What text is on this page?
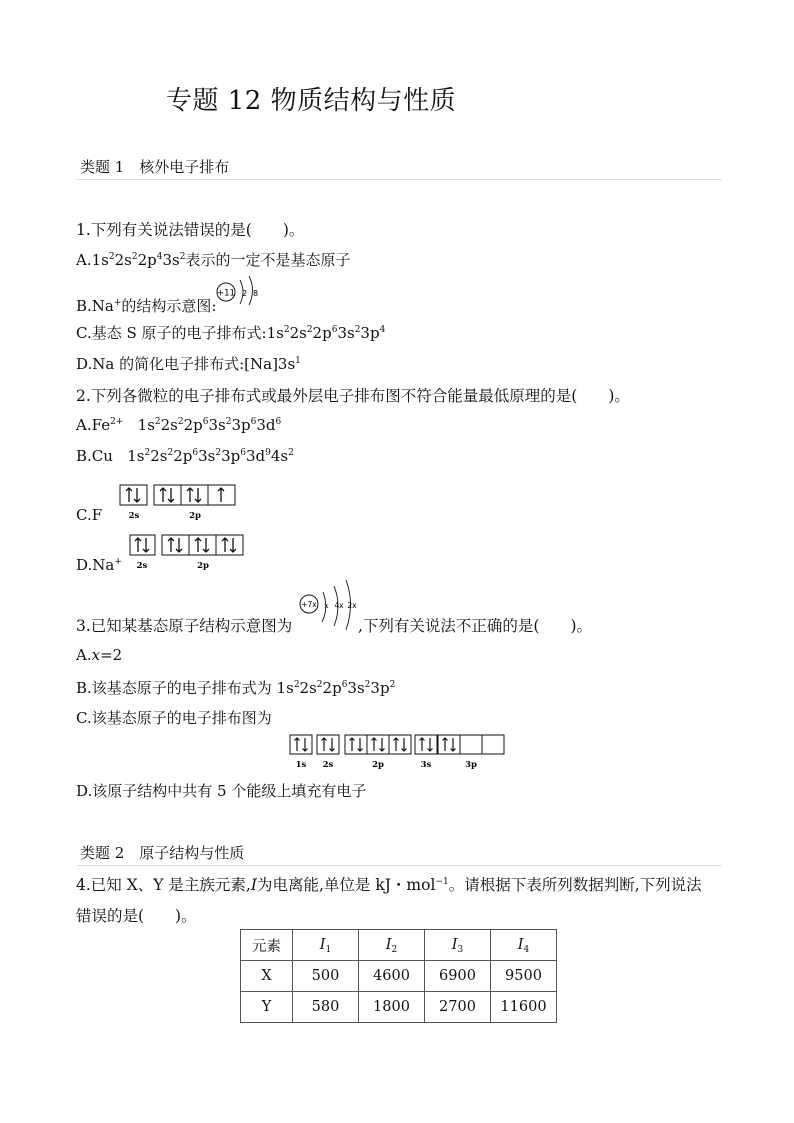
专题 12 物质结构与性质
类题 1　核外电子排布
1.下列有关说法错误的是(　　)。
$A.1s^22s^22p^43s^2$表示的一定不是基态原子
B.Na+的结构示意图:
+11 2 8
C.基态 S 原子的电子排布式$:1s^22s^22p^63s^23p^4$
D.Na 的简化电子排布式$:[Na]3s^1$
2.下列各微粒的电子排布式或最外层电子排布图不符合能量最低原理的是(　　)。
$A.Fe^{2+}$   $1s^22s^22p^63s^23p^63d^6$
B.Cu   $1s^22s^22p^63s^23p^63d^94s^2$
C.F	2s	2p
D.Na+ 2s	2p
3.已知某基态原子结构示意图为
+7x x 4x 2x
,下列有关说法不正确的是(　　)。
A.x=2
B.该基态原子的电子排布式为 $1s^22s^22p^63s^23p^2$
C.该基态原子的电子排布图为
1s 2s	2p	3s	3p
D.该原子结构中共有 5 个能级上填充有电子
类题 2　原子结构与性质
4.已知 X、Y 是主族元素,I为电离能,单位是 kJ・mol$^{-1}$。请根据下表所列数据判断,下列说法
错误的是(　　)。
元素	$I_1$	$I_2$	$I_3$	$I_4$
X	500	4600	6900	9500
Y	580	1800	2700	11600
